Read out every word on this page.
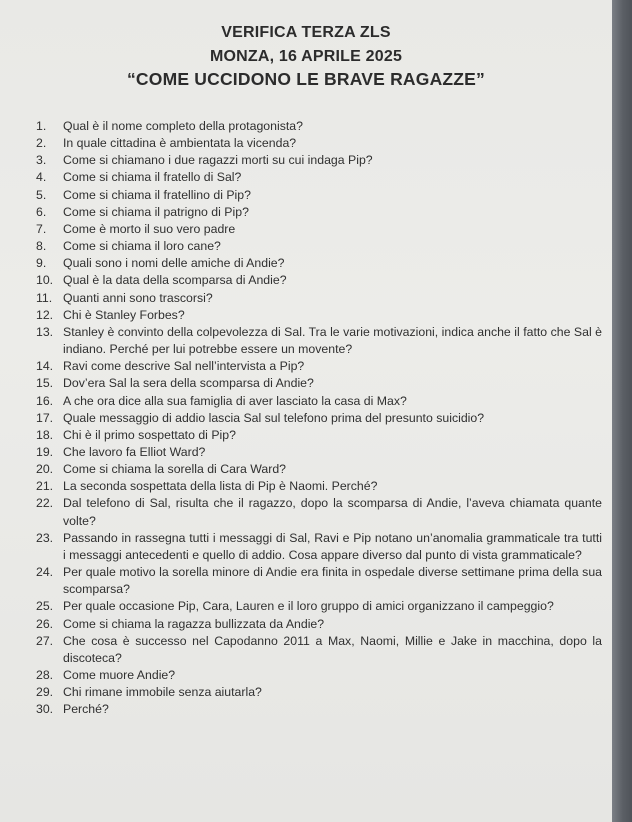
VERIFICA TERZA ZLS
MONZA, 16 APRILE 2025
“COME UCCIDONO LE BRAVE RAGAZZE”
1.	Qual è il nome completo della protagonista?
2.	In quale cittadina è ambientata la vicenda?
3.	Come si chiamano i due ragazzi morti su cui indaga Pip?
4.	Come si chiama il fratello di Sal?
5.	Come si chiama il fratellino di Pip?
6.	Come si chiama il patrigno di Pip?
7.	Come è morto il suo vero padre
8.	Come si chiama il loro cane?
9.	Quali sono i nomi delle amiche di Andie?
10. Qual è la data della scomparsa di Andie?
11. Quanti anni sono trascorsi?
12. Chi è Stanley Forbes?
13. Stanley è convinto della colpevolezza di Sal. Tra le varie motivazioni, indica anche il fatto che Sal è indiano. Perché per lui potrebbe essere un movente?
14. Ravi come descrive Sal nell’intervista a Pip?
15. Dov’era Sal la sera della scomparsa di Andie?
16. A che ora dice alla sua famiglia di aver lasciato la casa di Max?
17. Quale messaggio di addio lascia Sal sul telefono prima del presunto suicidio?
18. Chi è il primo sospettato di Pip?
19. Che lavoro fa Elliot Ward?
20. Come si chiama la sorella di Cara Ward?
21. La seconda sospettata della lista di Pip è Naomi. Perché?
22. Dal telefono di Sal, risulta che il ragazzo, dopo la scomparsa di Andie, l’aveva chiamata quante volte?
23. Passando in rassegna tutti i messaggi di Sal, Ravi e Pip notano un’anomalia grammaticale tra tutti i messaggi antecedenti e quello di addio. Cosa appare diverso dal punto di vista grammaticale?
24. Per quale motivo la sorella minore di Andie era finita in ospedale diverse settimane prima della sua scomparsa?
25. Per quale occasione Pip, Cara, Lauren e il loro gruppo di amici organizzano il campeggio?
26. Come si chiama la ragazza bullizzata da Andie?
27. Che cosa è successo nel Capodanno 2011 a Max, Naomi, Millie e Jake in macchina, dopo la discoteca?
28. Come muore Andie?
29. Chi rimane immobile senza aiutarla?
30. Perché?
